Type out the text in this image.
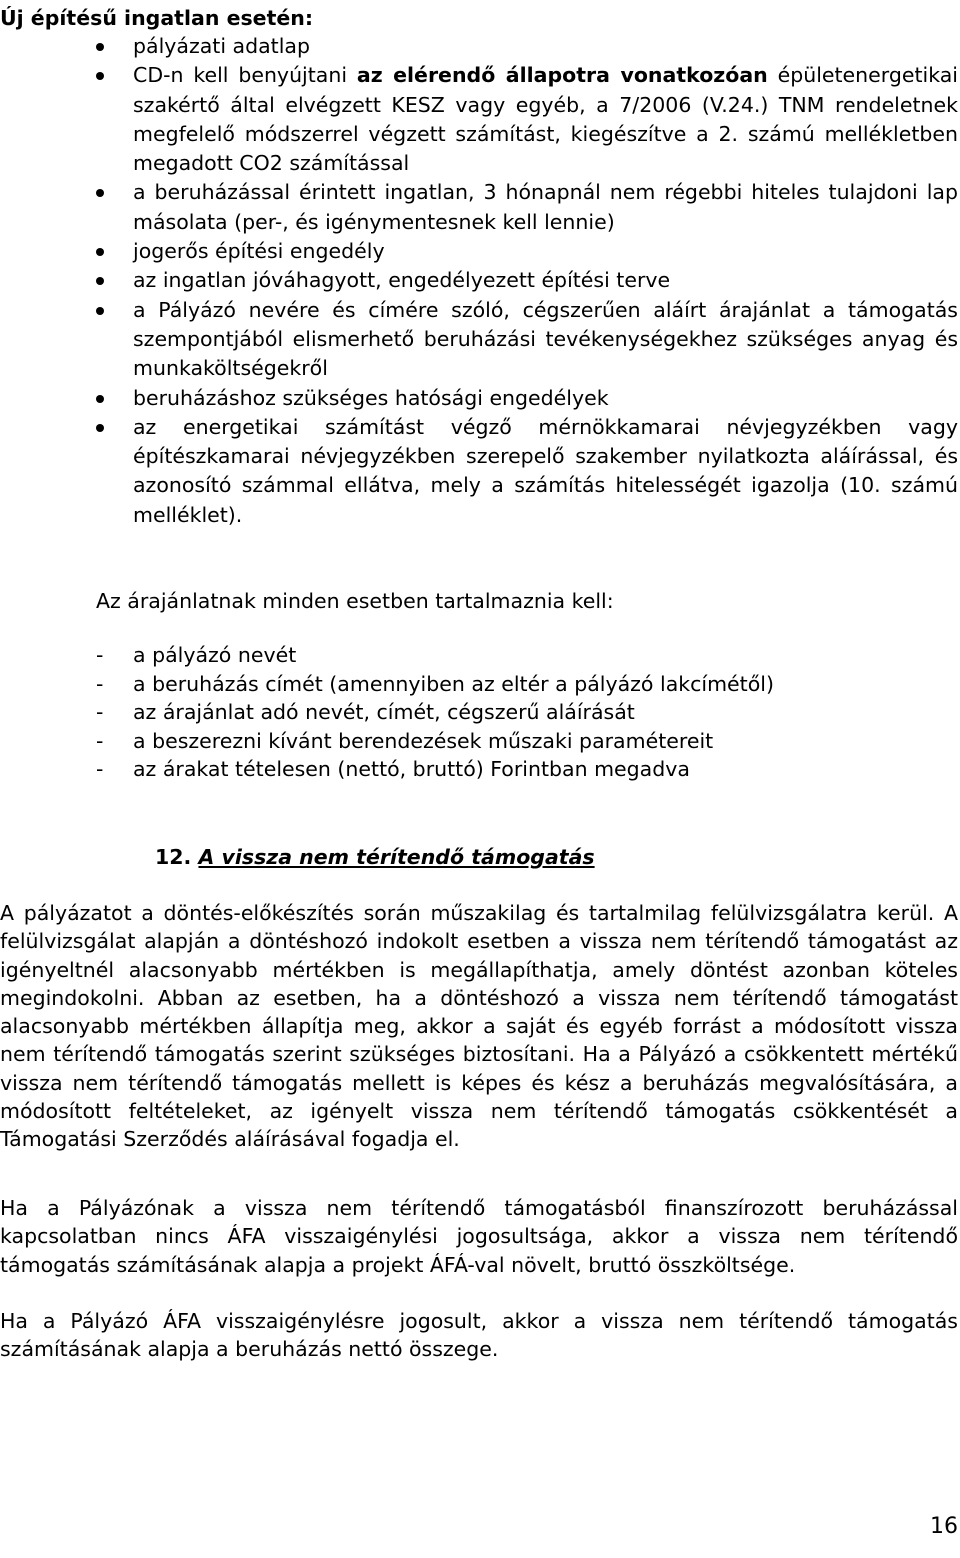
Új építésű ingatlan esetén:
pályázati adatlap
CD-n kell benyújtani az elérendő állapotra vonatkozóan épületenergetikai szakértő által elvégzett KESZ vagy egyéb, a 7/2006 (V.24.) TNM rendeletnek megfelelő módszerrel végzett számítást, kiegészítve a 2. számú mellékletben megadott CO2 számítással
a beruházással érintett ingatlan, 3 hónapnál nem régebbi hiteles tulajdoni lap másolata (per-, és igénymentesnek kell lennie)
jogerős építési engedély
az ingatlan jóváhagyott, engedélyezett építési terve
a Pályázó nevére és címére szóló, cégszerűen aláírt árajánlat a támogatás szempontjából elismerhető beruházási tevékenységekhez szükséges anyag és munkaköltségekről
beruházáshoz szükséges hatósági engedélyek
az energetikai számítást végző mérnökkamarai névjegyzékben vagy építészkamarai névjegyzékben szerepelő szakember nyilatkozta aláírással, és azonosító számmal ellátva, mely a számítás hitelességét igazolja (10. számú melléklet).
Az árajánlatnak minden esetben tartalmaznia kell:
- a pályázó nevét
- a beruházás címét (amennyiben az eltér a pályázó lakcímétől)
- az árajánlat adó nevét, címét, cégszerű aláírását
- a beszerezni kívánt berendezések műszaki paramétereit
- az árakat tételesen (nettó, bruttó) Forintban megadva
12. A vissza nem térítendő támogatás

A pályázatot a döntés-előkészítés során műszakilag és tartalmilag felülvizsgálatra kerül. A felülvizsgálat alapján a döntéshozó indokolt esetben a vissza nem térítendő támogatást az igényeltnél alacsonyabb mértékben is megállapíthatja, amely döntést azonban köteles megindokolni. Abban az esetben, ha a döntéshozó a vissza nem térítendő támogatást alacsonyabb mértékben állapítja meg, akkor a saját és egyéb forrást a módosított vissza nem térítendő támogatás szerint szükséges biztosítani. Ha a Pályázó a csökkentett mértékű vissza nem térítendő támogatás mellett is képes és kész a beruházás megvalósítására, a módosított feltételeket, az igényelt vissza nem térítendő támogatás csökkentését a Támogatási Szerződés aláírásával fogadja el.

Ha a Pályázónak a vissza nem térítendő támogatásból finanszírozott beruházással kapcsolatban nincs ÁFA visszaigénylési jogosultsága, akkor a vissza nem térítendő támogatás számításának alapja a projekt ÁFÁ-val növelt, bruttó összköltsége.

Ha a Pályázó ÁFA visszaigénylésre jogosult, akkor a vissza nem térítendő támogatás számításának alapja a beruházás nettó összege.

16
